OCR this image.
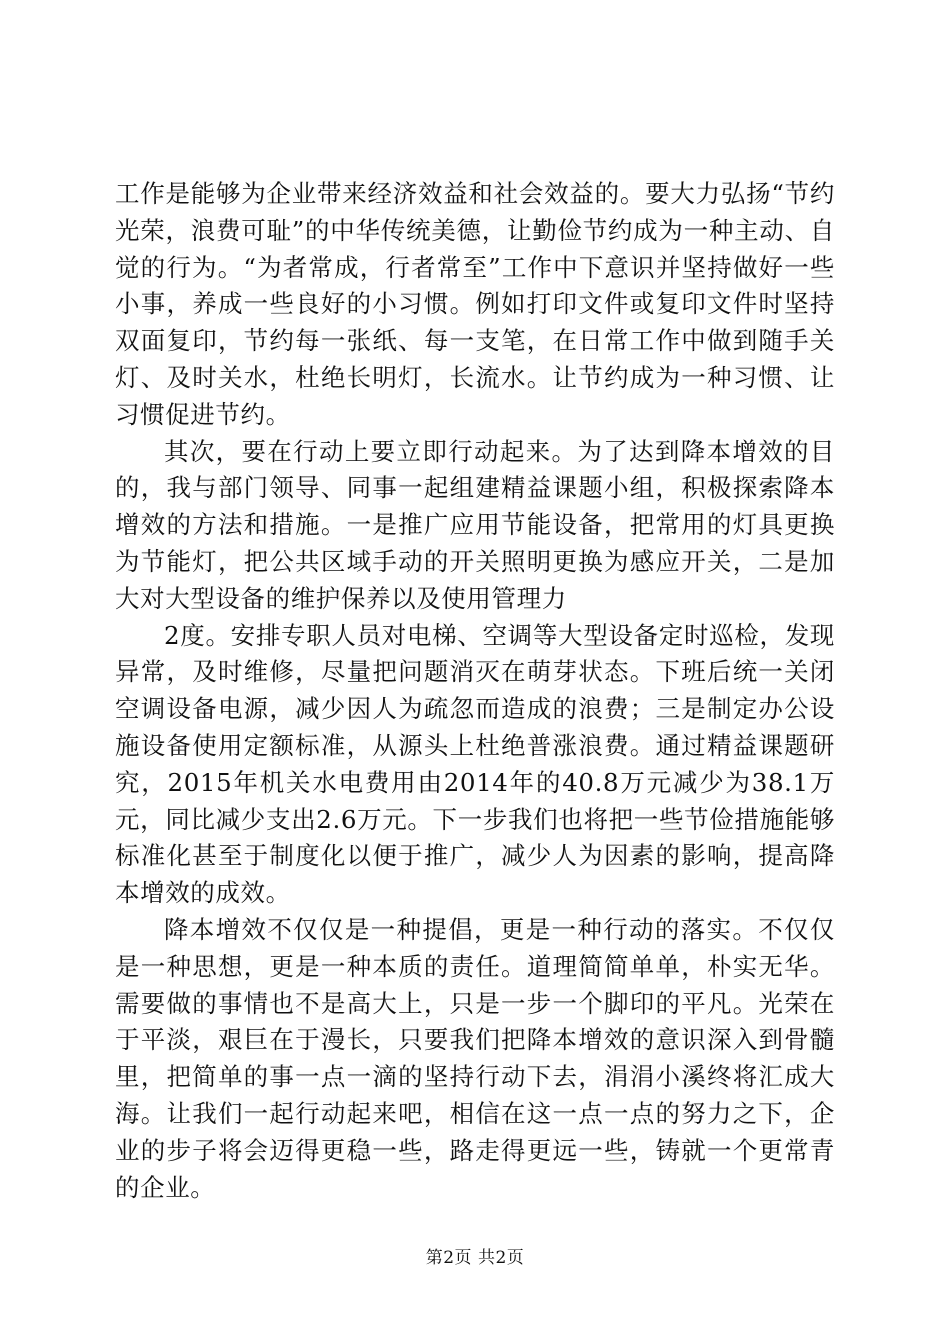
工作是能够为企业带来经济效益和社会效益的。要大力弘扬“节约光荣，浪费可耻”的中华传统美德，让勤俭节约成为一种主动、自觉的行为。“为者常成，行者常至”工作中下意识并坚持做好一些小事，养成一些良好的小习惯。例如打印文件或复印文件时坚持双面复印，节约每一张纸、每一支笔，在日常工作中做到随手关灯、及时关水，杜绝长明灯，长流水。让节约成为一种习惯、让习惯促进节约。

其次，要在行动上要立即行动起来。为了达到降本增效的目的，我与部门领导、同事一起组建精益课题小组，积极探索降本增效的方法和措施。一是推广应用节能设备，把常用的灯具更换为节能灯，把公共区域手动的开关照明更换为感应开关，二是加大对大型设备的维护保养以及使用管理力

2度。安排专职人员对电梯、空调等大型设备定时巡检，发现异常，及时维修，尽量把问题消灭在萌芽状态。下班后统一关闭空调设备电源，减少因人为疏忽而造成的浪费；三是制定办公设施设备使用定额标准，从源头上杜绝普涨浪费。通过精益课题研究，2015年机关水电费用由2014年的40.8万元减少为38.1万元，同比减少支出2.6万元。下一步我们也将把一些节俭措施能够标准化甚至于制度化以便于推广，减少人为因素的影响，提高降本增效的成效。

降本增效不仅仅是一种提倡，更是一种行动的落实。不仅仅是一种思想，更是一种本质的责任。道理简简单单，朴实无华。需要做的事情也不是高大上，只是一步一个脚印的平凡。光荣在于平淡，艰巨在于漫长，只要我们把降本增效的意识深入到骨髓里，把简单的事一点一滴的坚持行动下去，涓涓小溪终将汇成大海。让我们一起行动起来吧，相信在这一点一点的努力之下，企业的步子将会迈得更稳一些，路走得更远一些，铸就一个更常青的企业。

第2页 共2页
